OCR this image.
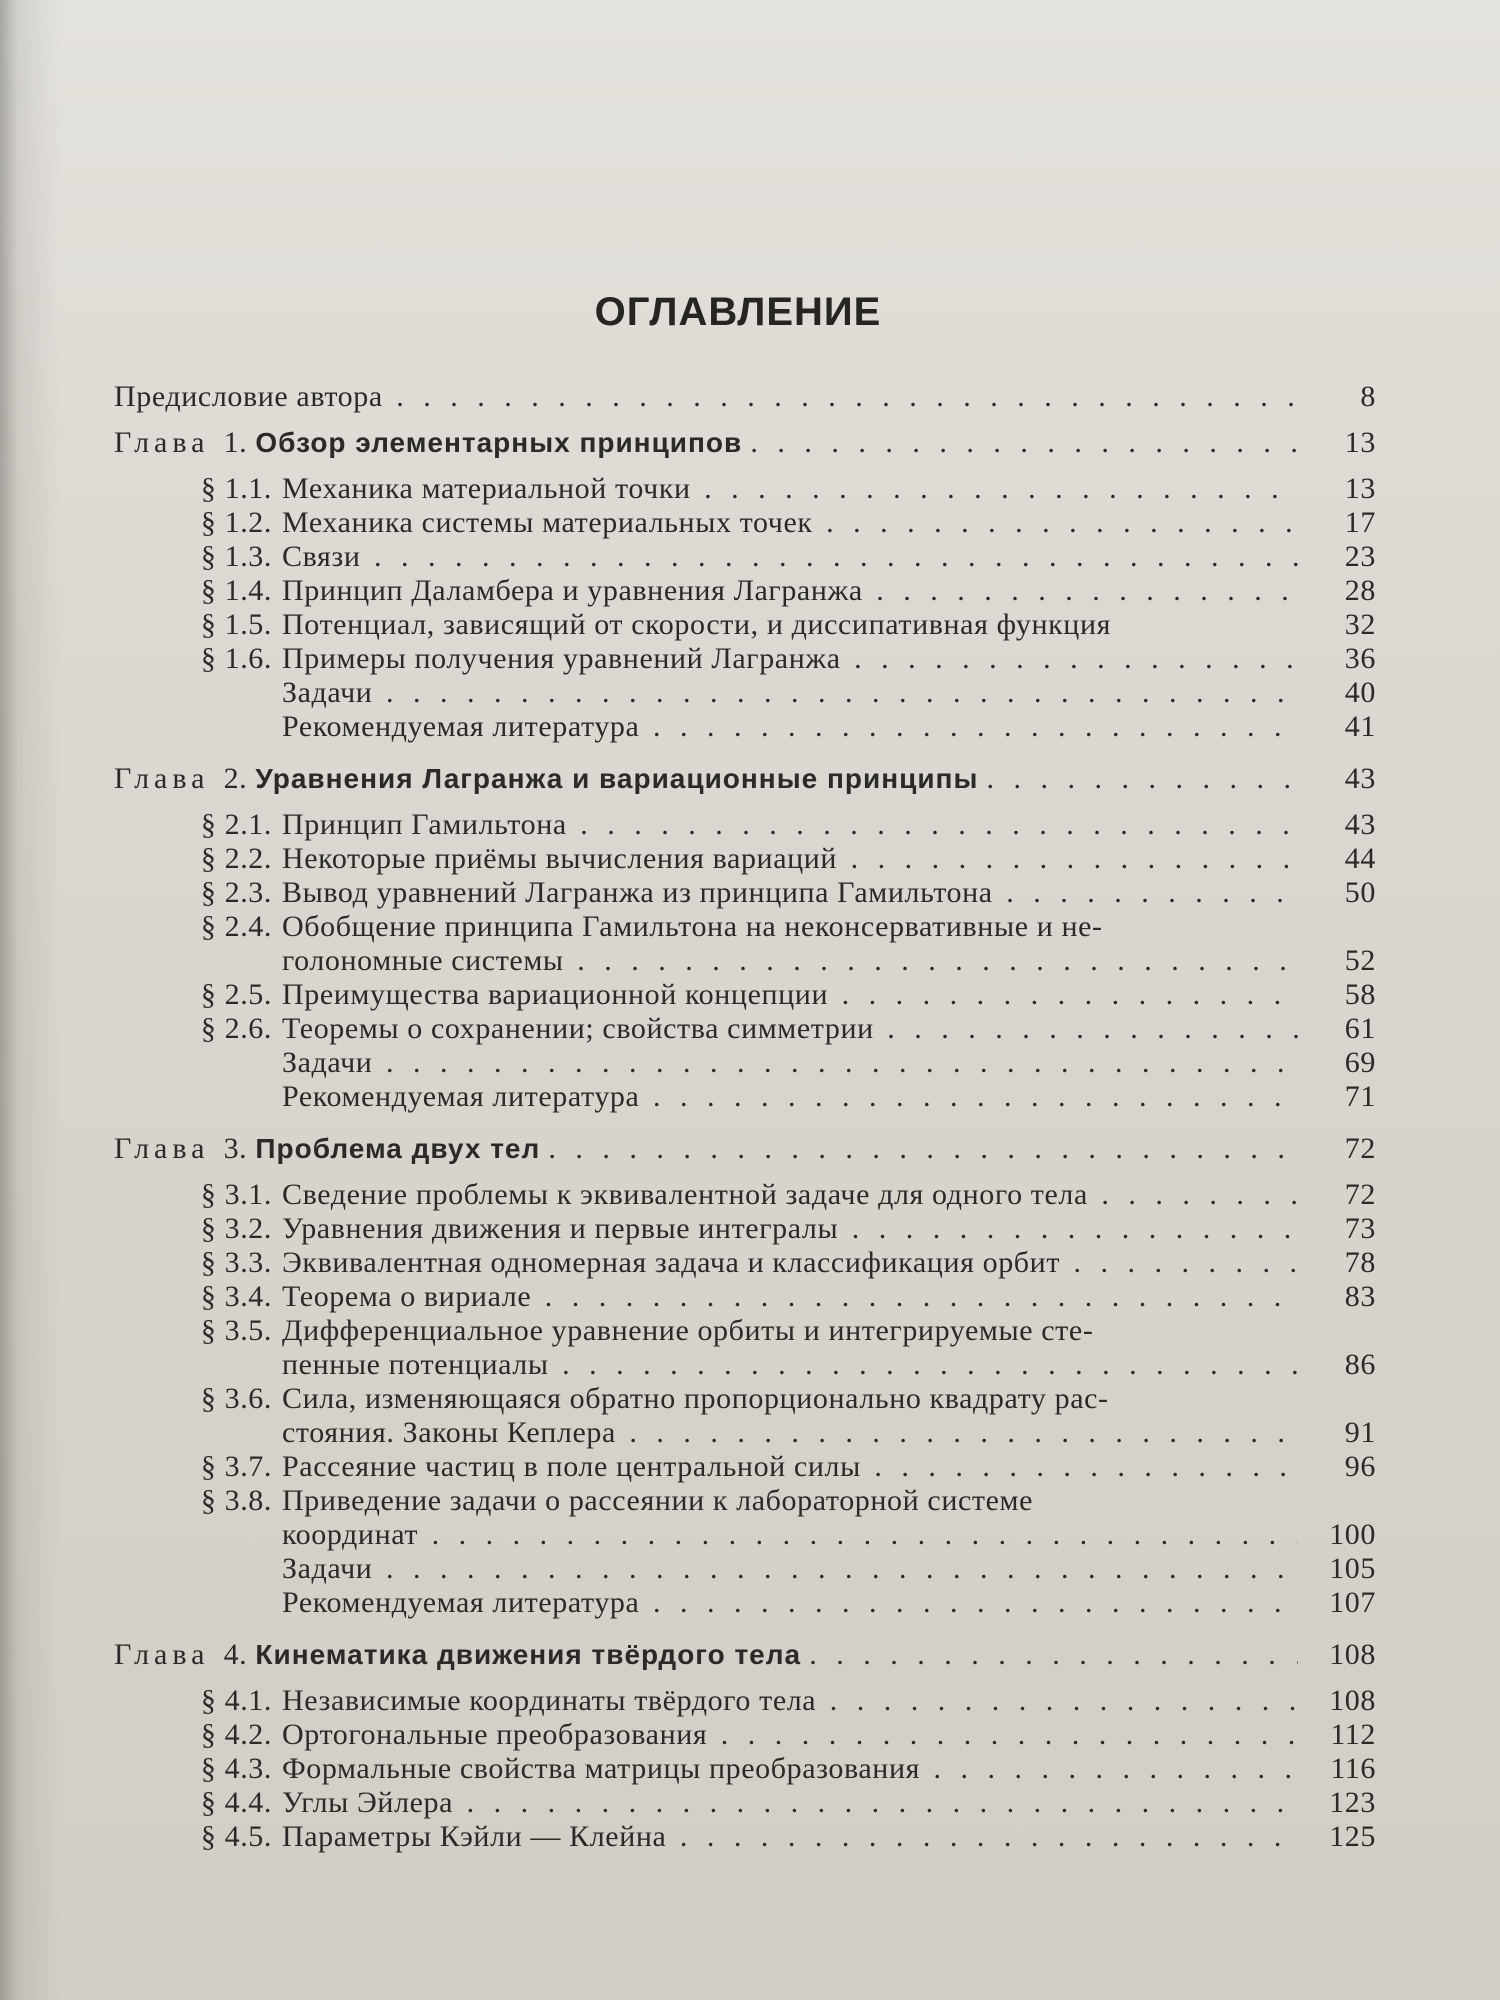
ОГЛАВЛЕНИЕ
Предисловие автора . . .	8
Глава 1. Обзор элементарных принципов . . .	13
§ 1.1. Механика материальной точки . . .	13
§ 1.2. Механика системы материальных точек . . .	17
§ 1.3. Связи . . .	23
§ 1.4. Принцип Даламбера и уравнения Лагранжа . . .	28
§ 1.5. Потенциал, зависящий от скорости, и диссипативная функция	32
§ 1.6. Примеры получения уравнений Лагранжа . . .	36
Задачи . . .	40
Рекомендуемая литература . . .	41
Глава 2. Уравнения Лагранжа и вариационные принципы . . .	43
§ 2.1. Принцип Гамильтона . . .	43
§ 2.2. Некоторые приёмы вычисления вариаций . . .	44
§ 2.3. Вывод уравнений Лагранжа из принципа Гамильтона . . .	50
§ 2.4. Обобщение принципа Гамильтона на неконсервативные и не-
голономные системы . . .	52
§ 2.5. Преимущества вариационной концепции . . .	58
§ 2.6. Теоремы о сохранении; свойства симметрии . . .	61
Задачи . . .	69
Рекомендуемая литература . . .	71
Глава 3. Проблема двух тел . . .	72
§ 3.1. Сведение проблемы к эквивалентной задаче для одного тела . . .	72
§ 3.2. Уравнения движения и первые интегралы . . .	73
§ 3.3. Эквивалентная одномерная задача и классификация орбит . . .	78
§ 3.4. Теорема о вириале . . .	83
§ 3.5. Дифференциальное уравнение орбиты и интегрируемые сте-
пенные потенциалы . . .	86
§ 3.6. Сила, изменяющаяся обратно пропорционально квадрату рас-
стояния. Законы Кеплера . . .	91
§ 3.7. Рассеяние частиц в поле центральной силы . . .	96
§ 3.8. Приведение задачи о рассеянии к лабораторной системе
координат . . .	100
Задачи . . .	105
Рекомендуемая литература . . .	107
Глава 4. Кинематика движения твёрдого тела . . .	108
§ 4.1. Независимые координаты твёрдого тела . . .	108
§ 4.2. Ортогональные преобразования . . .	112
§ 4.3. Формальные свойства матрицы преобразования . . .	116
§ 4.4. Углы Эйлера . . .	123
§ 4.5. Параметры Кэйли — Клейна . . .	125
